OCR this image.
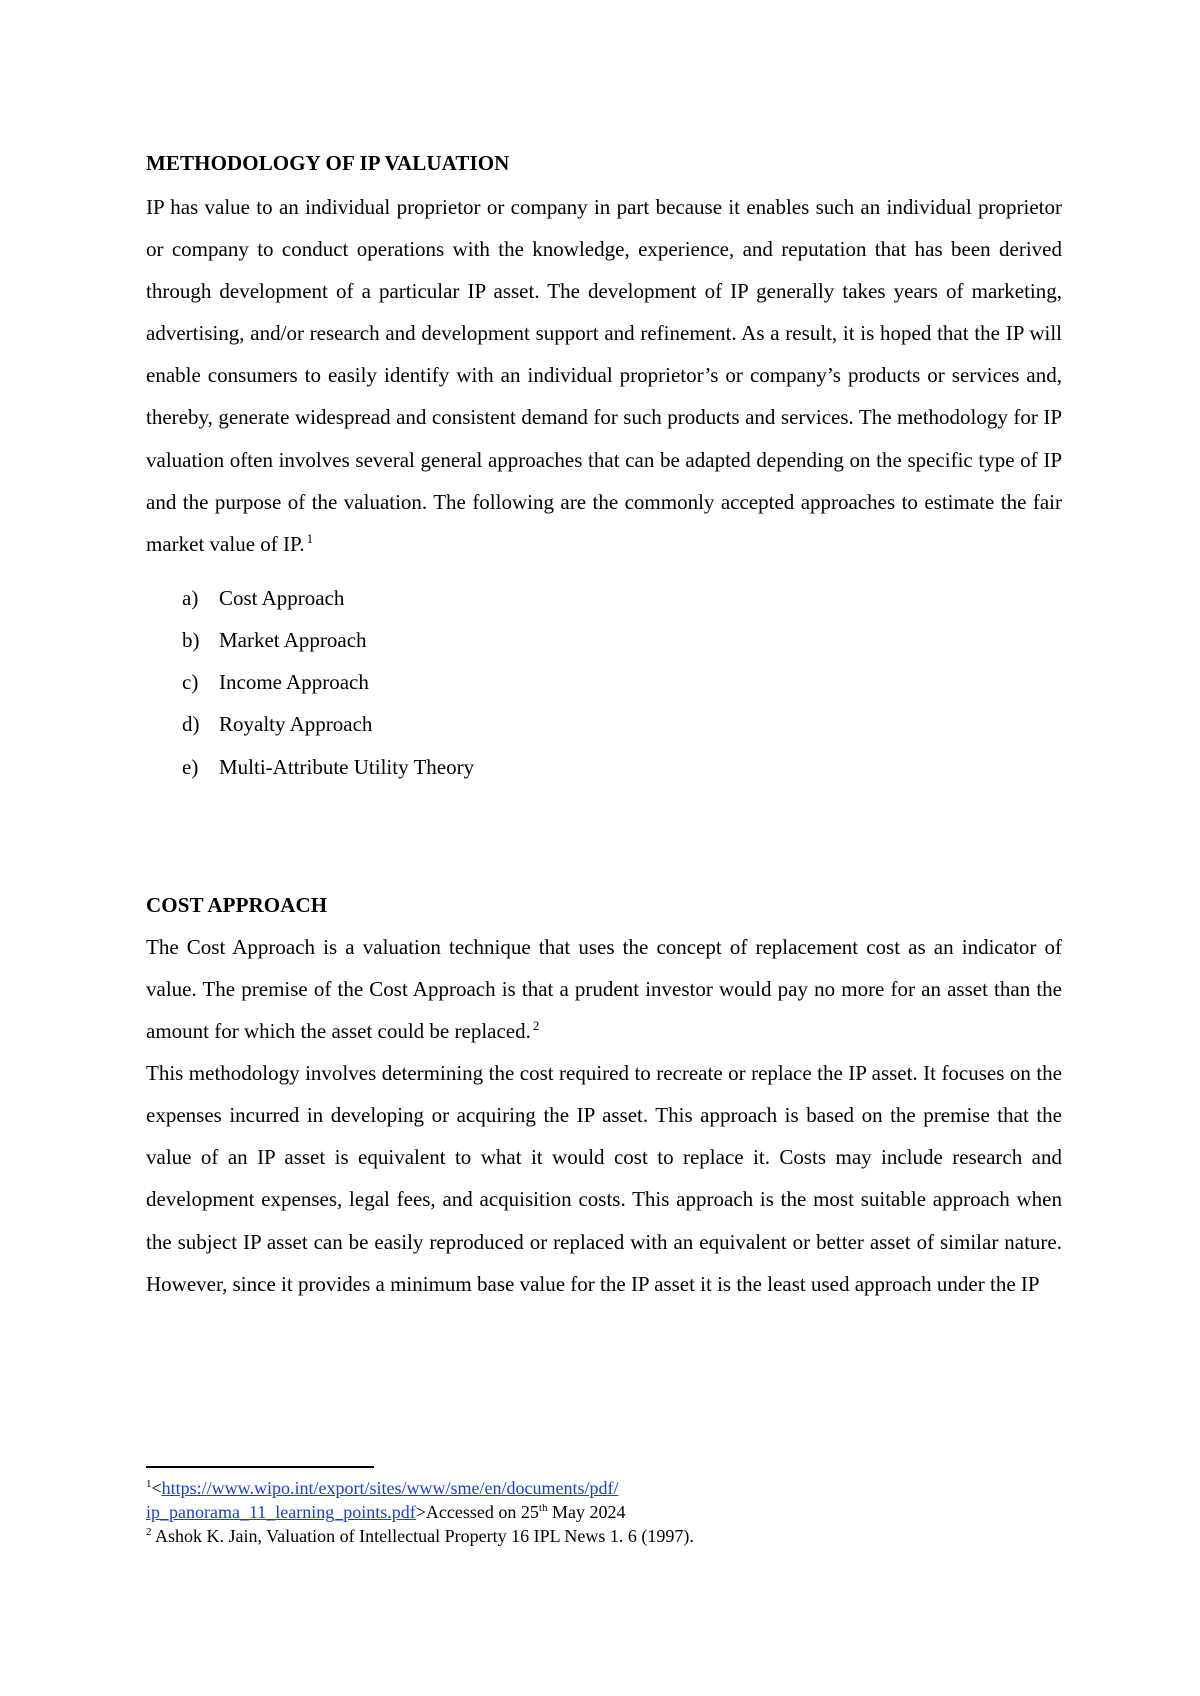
METHODOLOGY OF IP VALUATION

IP has value to an individual proprietor or company in part because it enables such an individual proprietor or company to conduct operations with the knowledge, experience, and reputation that has been derived through development of a particular IP asset. The development of IP generally takes years of marketing, advertising, and/or research and development support and refinement. As a result, it is hoped that the IP will enable consumers to easily identify with an individual proprietor’s or company’s products or services and, thereby, generate widespread and consistent demand for such products and services. The methodology for IP valuation often involves several general approaches that can be adapted depending on the specific type of IP and the purpose of the valuation. The following are the commonly accepted approaches to estimate the fair market value of IP. $^1$

a) Cost Approach
b) Market Approach
c) Income Approach
d) Royalty Approach
e) Multi-Attribute Utility Theory
COST APPROACH

The Cost Approach is a valuation technique that uses the concept of replacement cost as an indicator of value. The premise of the Cost Approach is that a prudent investor would pay no more for an asset than the amount for which the asset could be replaced. $^2$

This methodology involves determining the cost required to recreate or replace the IP asset. It focuses on the expenses incurred in developing or acquiring the IP asset. This approach is based on the premise that the value of an IP asset is equivalent to what it would cost to replace it. Costs may include research and development expenses, legal fees, and acquisition costs. This approach is the most suitable approach when the subject IP asset can be easily reproduced or replaced with an equivalent or better asset of similar nature. However, since it provides a minimum base value for the IP asset it is the least used approach under the IP

$^1$<https://www.wipo.int/export/sites/www/sme/en/documents/pdf/
ip_panorama_11_learning_points.pdf>Accessed on 25th May 2024

$^2$ Ashok K. Jain, Valuation of Intellectual Property 16 IPL News 1. 6 (1997).
